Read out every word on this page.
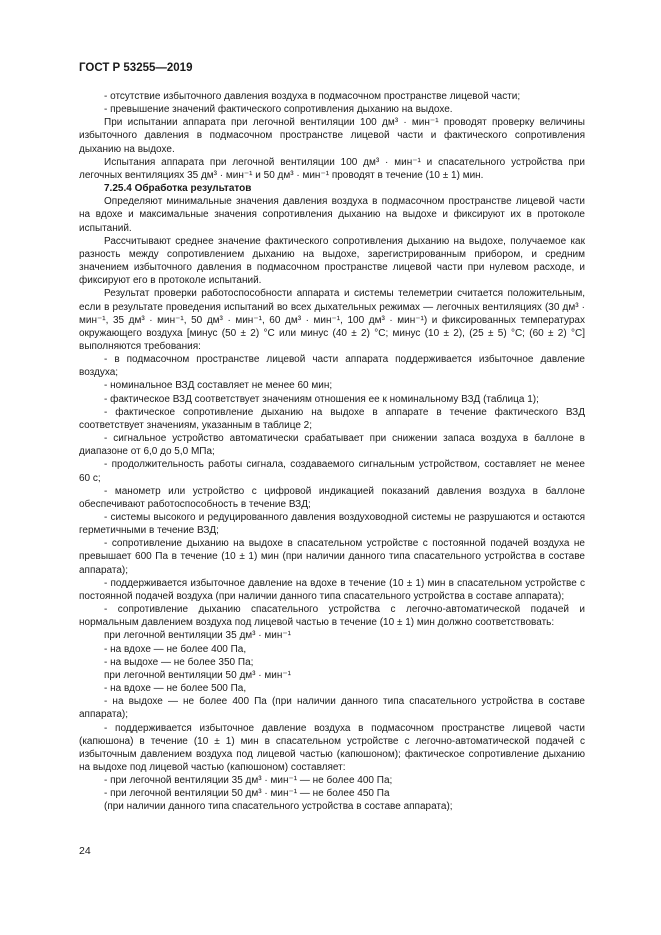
ГОСТ Р 53255—2019

- отсутствие избыточного давления воздуха в подмасочном пространстве лицевой части;

- превышение значений фактического сопротивления дыханию на выдохе.

При испытании аппарата при легочной вентиляции 100 дм³ · мин⁻¹ проводят проверку величины избыточного давления в подмасочном пространстве лицевой части и фактического сопротивления дыханию на выдохе.

Испытания аппарата при легочной вентиляции 100 дм³ · мин⁻¹ и спасательного устройства при легочных вентиляциях 35 дм³ · мин⁻¹ и 50 дм³ · мин⁻¹ проводят в течение (10 ± 1) мин.

7.25.4 Обработка результатов

Определяют минимальные значения давления воздуха в подмасочном пространстве лицевой части на вдохе и максимальные значения сопротивления дыханию на выдохе и фиксируют их в протоколе испытаний.

Рассчитывают среднее значение фактического сопротивления дыханию на выдохе, получаемое как разность между сопротивлением дыханию на выдохе, зарегистрированным прибором, и средним значением избыточного давления в подмасочном пространстве лицевой части при нулевом расходе, и фиксируют его в протоколе испытаний.

Результат проверки работоспособности аппарата и системы телеметрии считается положительным, если в результате проведения испытаний во всех дыхательных режимах — легочных вентиляциях (30 дм³ · мин⁻¹, 35 дм³ · мин⁻¹, 50 дм³ · мин⁻¹, 60 дм³ · мин⁻¹, 100 дм³ · мин⁻¹) и фиксированных температурах окружающего воздуха [минус (50 ± 2) °С или минус (40 ± 2) °С; минус (10 ± 2), (25 ± 5) °С; (60 ± 2) °С] выполняются требования:

- в подмасочном пространстве лицевой части аппарата поддерживается избыточное давление воздуха;

- номинальное ВЗД составляет не менее 60 мин;

- фактическое ВЗД соответствует значениям отношения ее к номинальному ВЗД (таблица 1);

- фактическое сопротивление дыханию на выдохе в аппарате в течение фактического ВЗД соответствует значениям, указанным в таблице 2;

- сигнальное устройство автоматически срабатывает при снижении запаса воздуха в баллоне в диапазоне от 6,0 до 5,0 МПа;

- продолжительность работы сигнала, создаваемого сигнальным устройством, составляет не менее 60 с;

- манометр или устройство с цифровой индикацией показаний давления воздуха в баллоне обеспечивают работоспособность в течение ВЗД;

- системы высокого и редуцированного давления воздуховодной системы не разрушаются и остаются герметичными в течение ВЗД;

- сопротивление дыханию на выдохе в спасательном устройстве с постоянной подачей воздуха не превышает 600 Па в течение (10 ± 1) мин (при наличии данного типа спасательного устройства в составе аппарата);

- поддерживается избыточное давление на вдохе в течение (10 ± 1) мин в спасательном устройстве с постоянной подачей воздуха (при наличии данного типа спасательного устройства в составе аппарата);

- сопротивление дыханию спасательного устройства с легочно-автоматической подачей и нормальным давлением воздуха под лицевой частью в течение (10 ± 1) мин должно соответствовать:

при легочной вентиляции 35 дм³ · мин⁻¹

- на вдохе — не более 400 Па,

- на выдохе — не более 350 Па;

при легочной вентиляции 50 дм³ · мин⁻¹

- на вдохе — не более 500 Па,

- на выдохе — не более 400 Па (при наличии данного типа спасательного устройства в составе аппарата);

- поддерживается избыточное давление воздуха в подмасочном пространстве лицевой части (капюшона) в течение (10 ± 1) мин в спасательном устройстве с легочно-автоматической подачей с избыточным давлением воздуха под лицевой частью (капюшоном); фактическое сопротивление дыханию на выдохе под лицевой частью (капюшоном) составляет:

- при легочной вентиляции 35 дм³ · мин⁻¹ — не более 400 Па;

- при легочной вентиляции 50 дм³ · мин⁻¹ — не более 450 Па

(при наличии данного типа спасательного устройства в составе аппарата);

24
